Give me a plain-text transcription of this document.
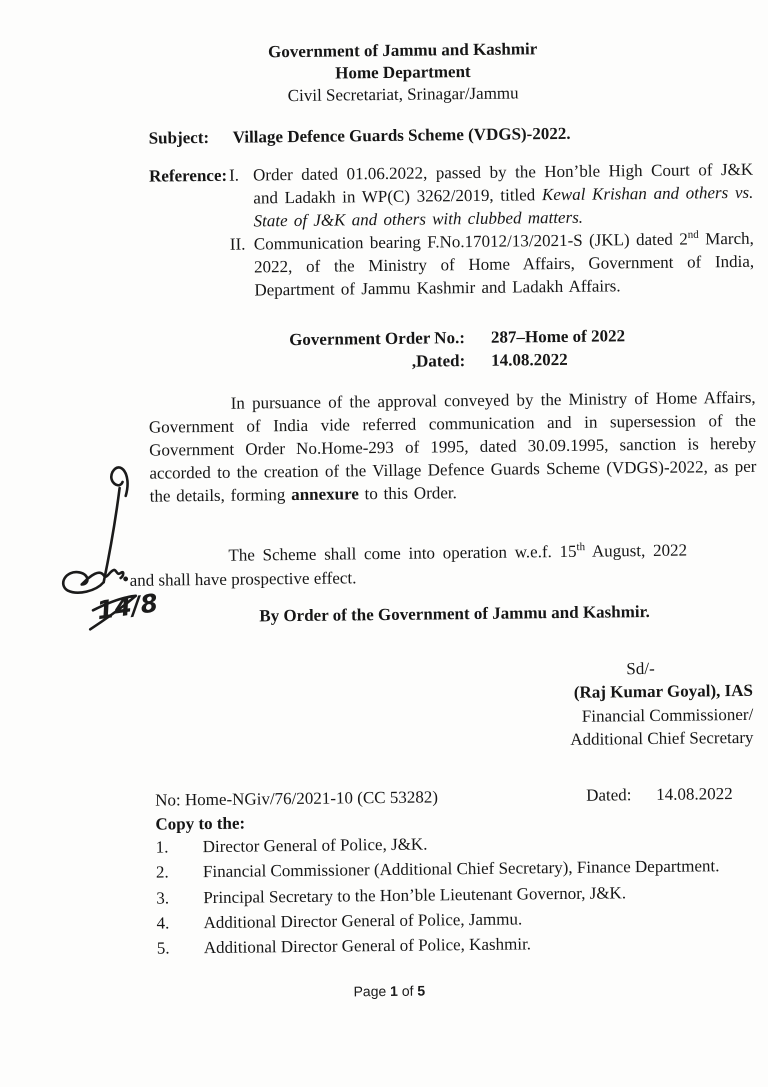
Government of Jammu and Kashmir
Home Department
Civil Secretariat, Srinagar/Jammu
Subject:	Village Defence Guards Scheme (VDGS)-2022.
Reference: I. Order dated 01.06.2022, passed by the Hon’ble High Court of J&K and Ladakh in WP(C) 3262/2019, titled Kewal Krishan and others vs. State of J&K and others with clubbed matters.
II. Communication bearing F.No.17012/13/2021-S (JKL) dated 2nd March, 2022, of the Ministry of Home Affairs, Government of India, Department of Jammu Kashmir and Ladakh Affairs.
Government Order No.: 287–Home of 2022
,Dated: 14.08.2022

In pursuance of the approval conveyed by the Ministry of Home Affairs, Government of India vide referred communication and in supersession of the Government Order No.Home-293 of 1995, dated 30.09.1995, sanction is hereby accorded to the creation of the Village Defence Guards Scheme (VDGS)-2022, as per the details, forming annexure to this Order.

The Scheme shall come into operation w.e.f. 15th August, 2022
and shall have prospective effect.

By Order of the Government of Jammu and Kashmir.
Sd/-
(Raj Kumar Goyal), IAS
Financial Commissioner/
Additional Chief Secretary
No: Home-NGiv/76/2021-10 (CC 53282)	Dated: 14.08.2022
Copy to the:
1.	Director General of Police, J&K.
2.	Financial Commissioner (Additional Chief Secretary), Finance Department.
3.	Principal Secretary to the Hon’ble Lieutenant Governor, J&K.
4.	Additional Director General of Police, Jammu.
5.	Additional Director General of Police, Kashmir.
Page 1 of 5
14/8
